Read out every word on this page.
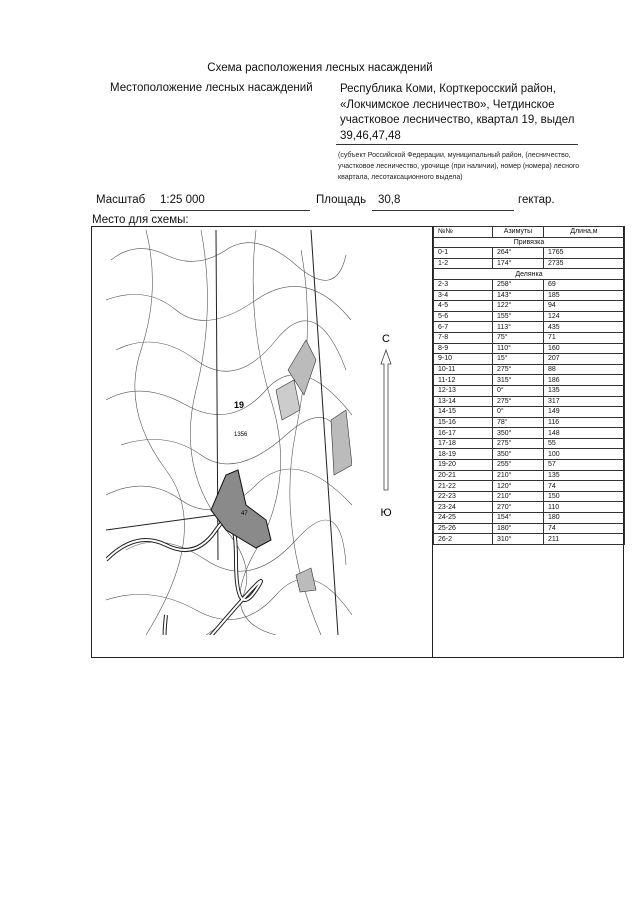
Схема расположения лесных насаждений
Местоположение лесных насаждений Республика Коми, Корткеросский район, «Локчимское лесничество», Четдинское участковое лесничество, квартал 19, выдел 39,46,47,48
(субъект Российской Федерации, муниципальный район, (лесничество, участковое лесничество, урочище (при наличии), номер (номера) лесного квартала, лесотаксационного выдела)
Масштаб 1:25 000	Площадь 30,8	гектар.
Место для схемы:
19
1356
47
С
Ю
№№	Азимуты	Длина,м
Привязка		
0-1	264°	1765
1-2	174°	2735
Делянка		
2-3	258°	69
3-4	143°	185
4-5	122°	94
5-6	155°	124
6-7	113°	435
7-8	75°	71
8-9	110°	160
9-10	15°	207
10-11	275°	88
11-12	315°	186
12-13	0°	135
13-14	275°	317
14-15	0°	149
15-16	78°	116
16-17	350°	148
17-18	275°	55
18-19	350°	100
19-20	255°	57
20-21	210°	135
21-22	120°	74
22-23	210°	150
23-24	270°	110
24-25	154°	180
25-26	180°	74
26-2	310°	211
